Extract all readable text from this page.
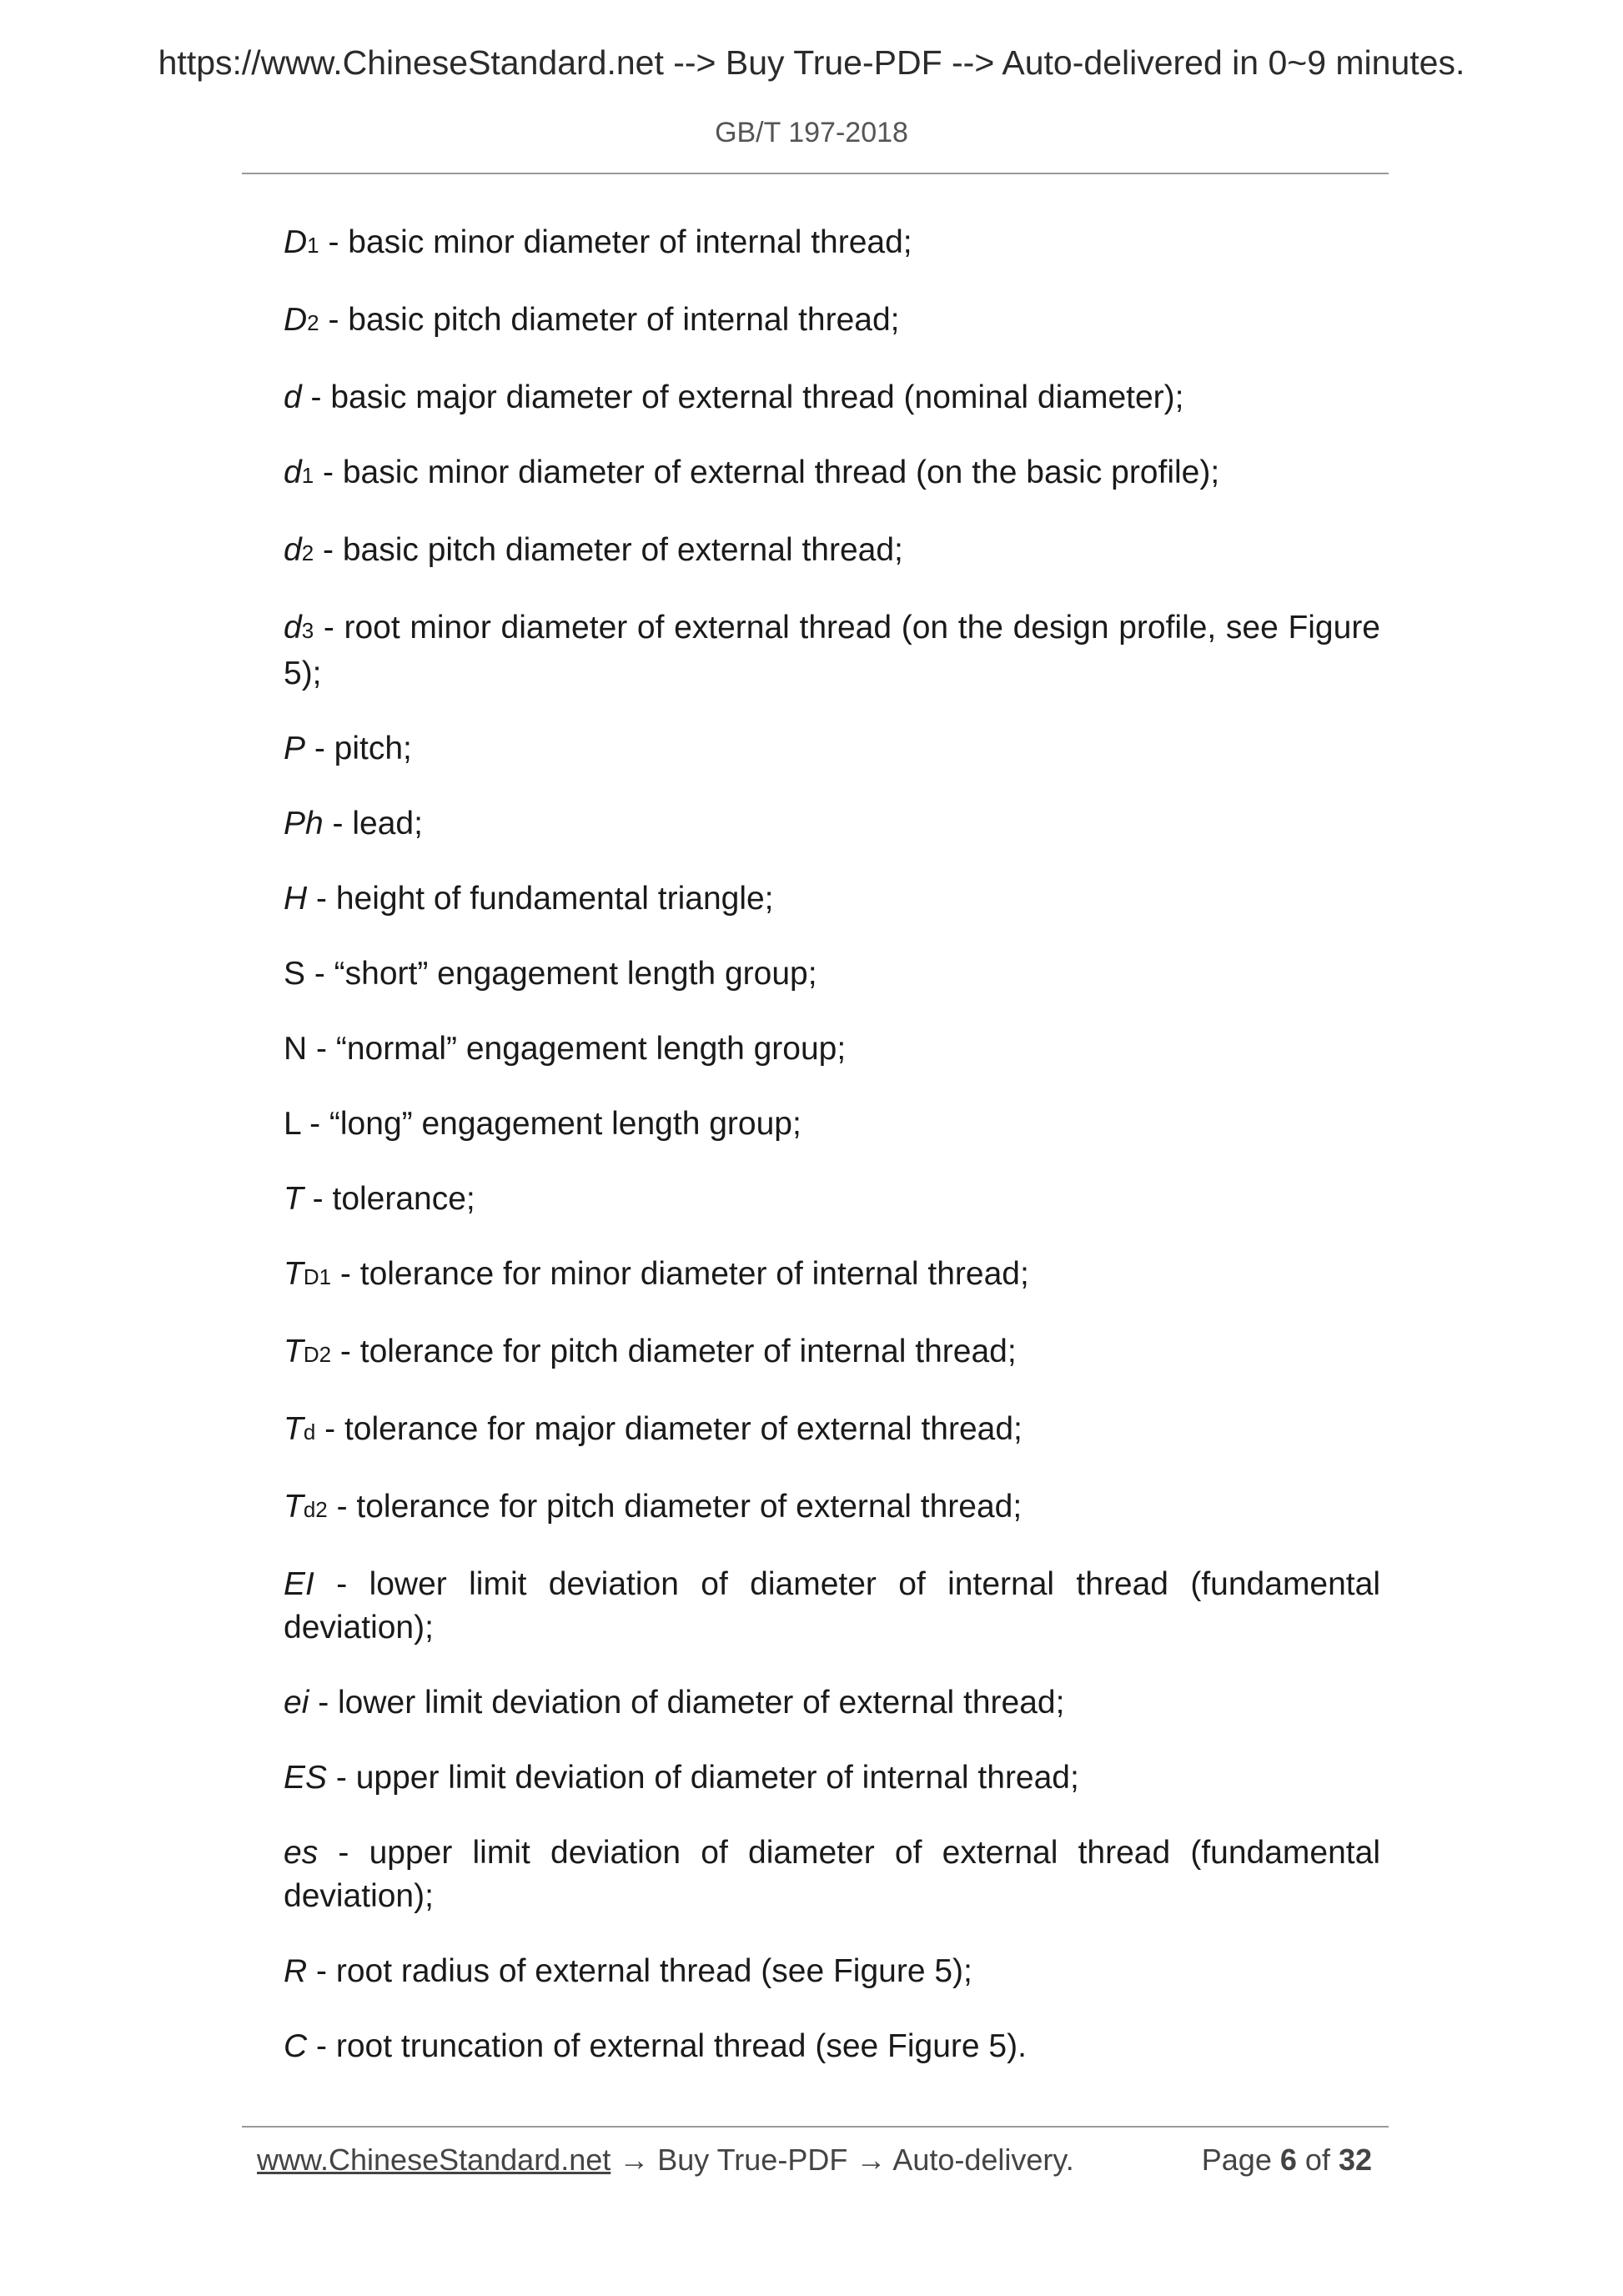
https://www.ChineseStandard.net --> Buy True-PDF --> Auto-delivered in 0~9 minutes.
GB/T 197-2018
D1 - basic minor diameter of internal thread;
D2 - basic pitch diameter of internal thread;
d - basic major diameter of external thread (nominal diameter);
d1 - basic minor diameter of external thread (on the basic profile);
d2 - basic pitch diameter of external thread;
d3 - root minor diameter of external thread (on the design profile, see Figure 5);
P - pitch;
Ph - lead;
H - height of fundamental triangle;
S - “short” engagement length group;
N - “normal” engagement length group;
L - “long” engagement length group;
T - tolerance;
TD1 - tolerance for minor diameter of internal thread;
TD2 - tolerance for pitch diameter of internal thread;
Td - tolerance for major diameter of external thread;
Td2 - tolerance for pitch diameter of external thread;
EI - lower limit deviation of diameter of internal thread (fundamental deviation);
ei - lower limit deviation of diameter of external thread;
ES - upper limit deviation of diameter of internal thread;
es - upper limit deviation of diameter of external thread (fundamental deviation);
R - root radius of external thread (see Figure 5);
C - root truncation of external thread (see Figure 5).
www.ChineseStandard.net → Buy True-PDF → Auto-delivery.	Page 6 of 32
